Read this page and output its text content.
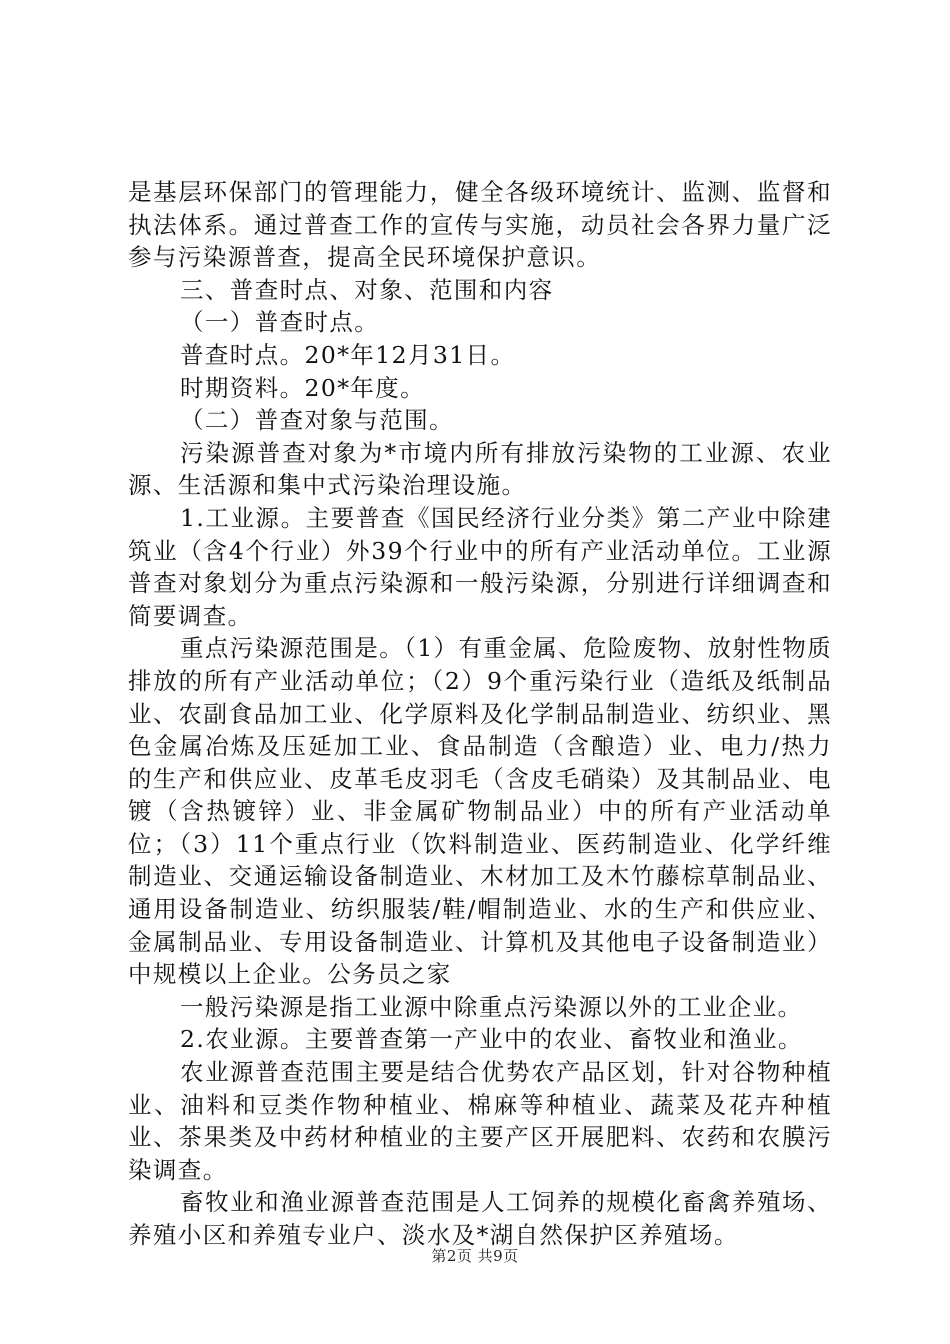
是基层环保部门的管理能力，健全各级环境统计、监测、监督和执法体系。通过普查工作的宣传与实施，动员社会各界力量广泛参与污染源普查，提高全民环境保护意识。

三、普查时点、对象、范围和内容

（一）普查时点。

普查时点。20*年12月31日。

时期资料。20*年度。

（二）普查对象与范围。

污染源普查对象为*市境内所有排放污染物的工业源、农业源、生活源和集中式污染治理设施。

1.工业源。主要普查《国民经济行业分类》第二产业中除建筑业（含4个行业）外39个行业中的所有产业活动单位。工业源普查对象划分为重点污染源和一般污染源，分别进行详细调查和简要调查。

重点污染源范围是。（1）有重金属、危险废物、放射性物质排放的所有产业活动单位；（2）9个重污染行业（造纸及纸制品业、农副食品加工业、化学原料及化学制品制造业、纺织业、黑色金属冶炼及压延加工业、食品制造（含酿造）业、电力/热力的生产和供应业、皮革毛皮羽毛（含皮毛硝染）及其制品业、电镀（含热镀锌）业、非金属矿物制品业）中的所有产业活动单位；（3）11个重点行业（饮料制造业、医药制造业、化学纤维制造业、交通运输设备制造业、木材加工及木竹藤棕草制品业、通用设备制造业、纺织服装/鞋/帽制造业、水的生产和供应业、金属制品业、专用设备制造业、计算机及其他电子设备制造业）中规模以上企业。公务员之家

一般污染源是指工业源中除重点污染源以外的工业企业。

2.农业源。主要普查第一产业中的农业、畜牧业和渔业。

农业源普查范围主要是结合优势农产品区划，针对谷物种植业、油料和豆类作物种植业、棉麻等种植业、蔬菜及花卉种植业、茶果类及中药材种植业的主要产区开展肥料、农药和农膜污染调查。

畜牧业和渔业源普查范围是人工饲养的规模化畜禽养殖场、养殖小区和养殖专业户、淡水及*湖自然保护区养殖场。

第2页 共9页
